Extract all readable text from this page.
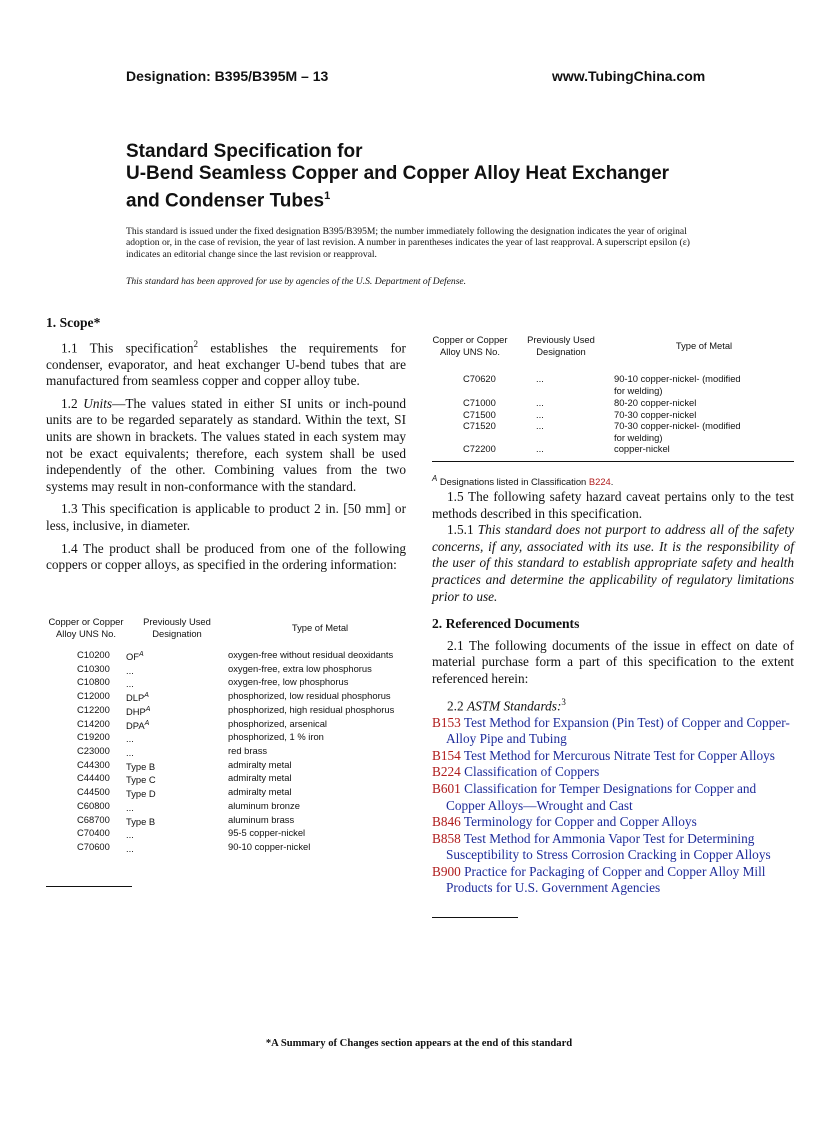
Designation: B395/B395M – 13	www.TubingChina.com
Standard Specification for
U-Bend Seamless Copper and Copper Alloy Heat Exchanger
and Condenser Tubes$^1$
This standard is issued under the fixed designation B395/B395M; the number immediately following the designation indicates the year of original adoption or, in the case of revision, the year of last revision. A number in parentheses indicates the year of last reapproval. A superscript epsilon (ε) indicates an editorial change since the last revision or reapproval.
This standard has been approved for use by agencies of the U.S. Department of Defense.
1. Scope*

1.1 This specification$^2$ establishes the requirements for condenser, evaporator, and heat exchanger U-bend tubes that are manufactured from seamless copper and copper alloy tube.

1.2 Units—The values stated in either SI units or inch-pound units are to be regarded separately as standard. Within the text, SI units are shown in brackets. The values stated in each system may not be exact equivalents; therefore, each system shall be used independently of the other. Combining values from the two systems may result in non-conformance with the standard.

1.3 This specification is applicable to product 2 in. [50 mm] or less, inclusive, in diameter.

1.4 The product shall be produced from one of the following coppers or copper alloys, as specified in the ordering information:

Copper or Copper Alloy UNS No.	Previously Used Designation	Type of Metal
C10200	$OF^A$	oxygen-free without residual deoxidants
C10300	...	oxygen-free, extra low phosphorus
C10800	...	oxygen-free, low phosphorus
C12000	$DLP^A$	phosphorized, low residual phosphorus
C12200	$DHP^A$	phosphorized, high residual phosphorus
C14200	$DPA^A$	phosphorized, arsenical
C19200	...	phosphorized, 1 % iron
C23000	...	red brass
C44300	Type B	admiralty metal
C44400	Type C	admiralty metal
C44500	Type D	admiralty metal
C60800	...	aluminum bronze
C68700	Type B	aluminum brass
C70400	...	95-5 copper-nickel
C70600	...	90-10 copper-nickel
Copper or Copper Alloy UNS No.	Previously Used Designation	Type of Metal
C70620	...	90-10 copper-nickel- (modified for welding)
C71000	...	80-20 copper-nickel
C71500	...	70-30 copper-nickel
C71520	...	70-30 copper-nickel- (modified for welding)
C72200	...	copper-nickel
$^A$ Designations listed in Classification B224.

1.5 The following safety hazard caveat pertains only to the test methods described in this specification.

1.5.1 This standard does not purport to address all of the safety concerns, if any, associated with its use. It is the responsibility of the user of this standard to establish appropriate safety and health practices and determine the applicability of regulatory limitations prior to use.

2. Referenced Documents

2.1 The following documents of the issue in effect on date of material purchase form a part of this specification to the extent referenced herein:

2.2 ASTM Standards:$^3$

B153 Test Method for Expansion (Pin Test) of Copper and Copper-Alloy Pipe and Tubing

B154 Test Method for Mercurous Nitrate Test for Copper Alloys

B224 Classification of Coppers

B601 Classification for Temper Designations for Copper and Copper Alloys—Wrought and Cast

B846 Terminology for Copper and Copper Alloys

B858 Test Method for Ammonia Vapor Test for Determining Susceptibility to Stress Corrosion Cracking in Copper Alloys

B900 Practice for Packaging of Copper and Copper Alloy Mill Products for U.S. Government Agencies

*A Summary of Changes section appears at the end of this standard
